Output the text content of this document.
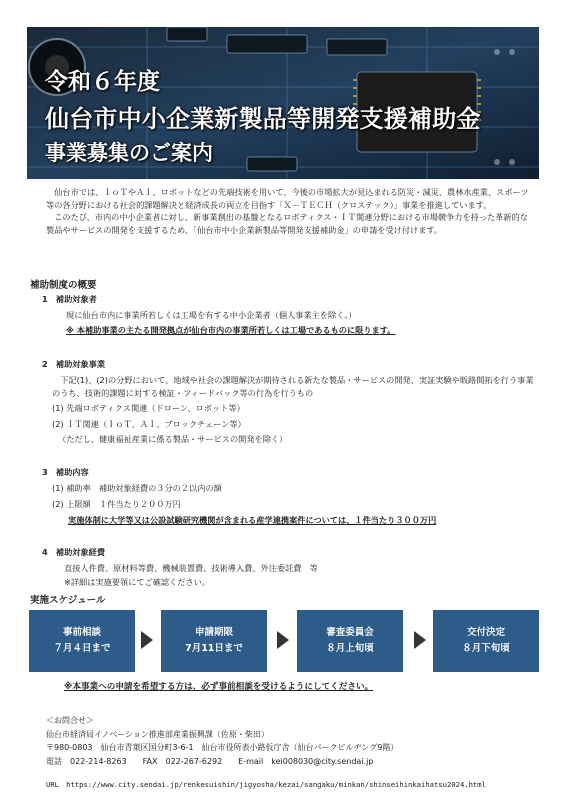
令和６年度
仙台市中小企業新製品等開発支援補助金
事業募集のご案内

仙台市では、ＩｏＴやＡＩ、ロボットなどの先端技術を用いて、今後の市場拡大が見込まれる防災・減災、農林水産業、スポーツ等の各分野における社会的課題解決と経済成長の両立を目指す「Ｘ－ＴＥＣＨ（クロステック）」事業を推進しています。

このたび、市内の中小企業者に対し、新事業創出の基盤となるロボティクス・ＩＴ関連分野における市場競争力を持った革新的な製品やサービスの開発を支援するため、「仙台市中小企業新製品等開発支援補助金」の申請を受け付けます。

補助制度の概要
1　 補助対象者
現に仙台市内に事業所若しくは工場を有する中小企業者（個人事業主を除く。）
※ 本補助事業の主たる開発拠点が仙台市内の事業所若しくは工場であるものに限ります。
2　 補助対象事業
下記(1)、(2)の分野において、地域や社会の課題解決が期待される新たな製品・サービスの開発、実証実験や販路開拓を行う事業のうち、技術的課題に対する検証・フィードバック等の行為を行うもの
(1) 先端ロボティクス関連（ドローン、ロボット等）
(2) ＩＴ関連（ＩｏＴ、ＡＩ、ブロックチェーン等）
（ただし、健康福祉産業に係る製品・サービスの開発を除く）
3　 補助内容
(1) 補助率　補助対象経費の３分の２以内の額
(2) 上限額　１件当たり２００万円
実施体制に大学等又は公設試験研究機関が含まれる産学連携案件については、１件当たり３００万円
4　 補助対象経費
直接人件費、原材料等費、機械装置費、技術導入費、外注委託費　等
※詳細は実施要領にてご確認ください。
実施スケジュール
事前相談
７月４日まで
申請期限
7月11日まで
審査委員会
８月上旬頃
交付決定
８月下旬頃
※本事業への申請を希望する方は、必ず事前相談を受けるようにしてください。
＜お問合せ＞
仙台市経済局イノベーション推進部産業振興課（佐原・柴田）
〒980-0803　仙台市青葉区国分町3-6-1　仙台市役所表小路仮庁舎（仙台パークビルヂング9階）
電話　022-214-8263　　FAX　022-267-6292　　E-mail　kei008030@city.sendai.jp
URL　https://www.city.sendai.jp/renkesuishin/jigyosha/kezai/sangaku/minkan/shinseihinkaihatsu2024.html
